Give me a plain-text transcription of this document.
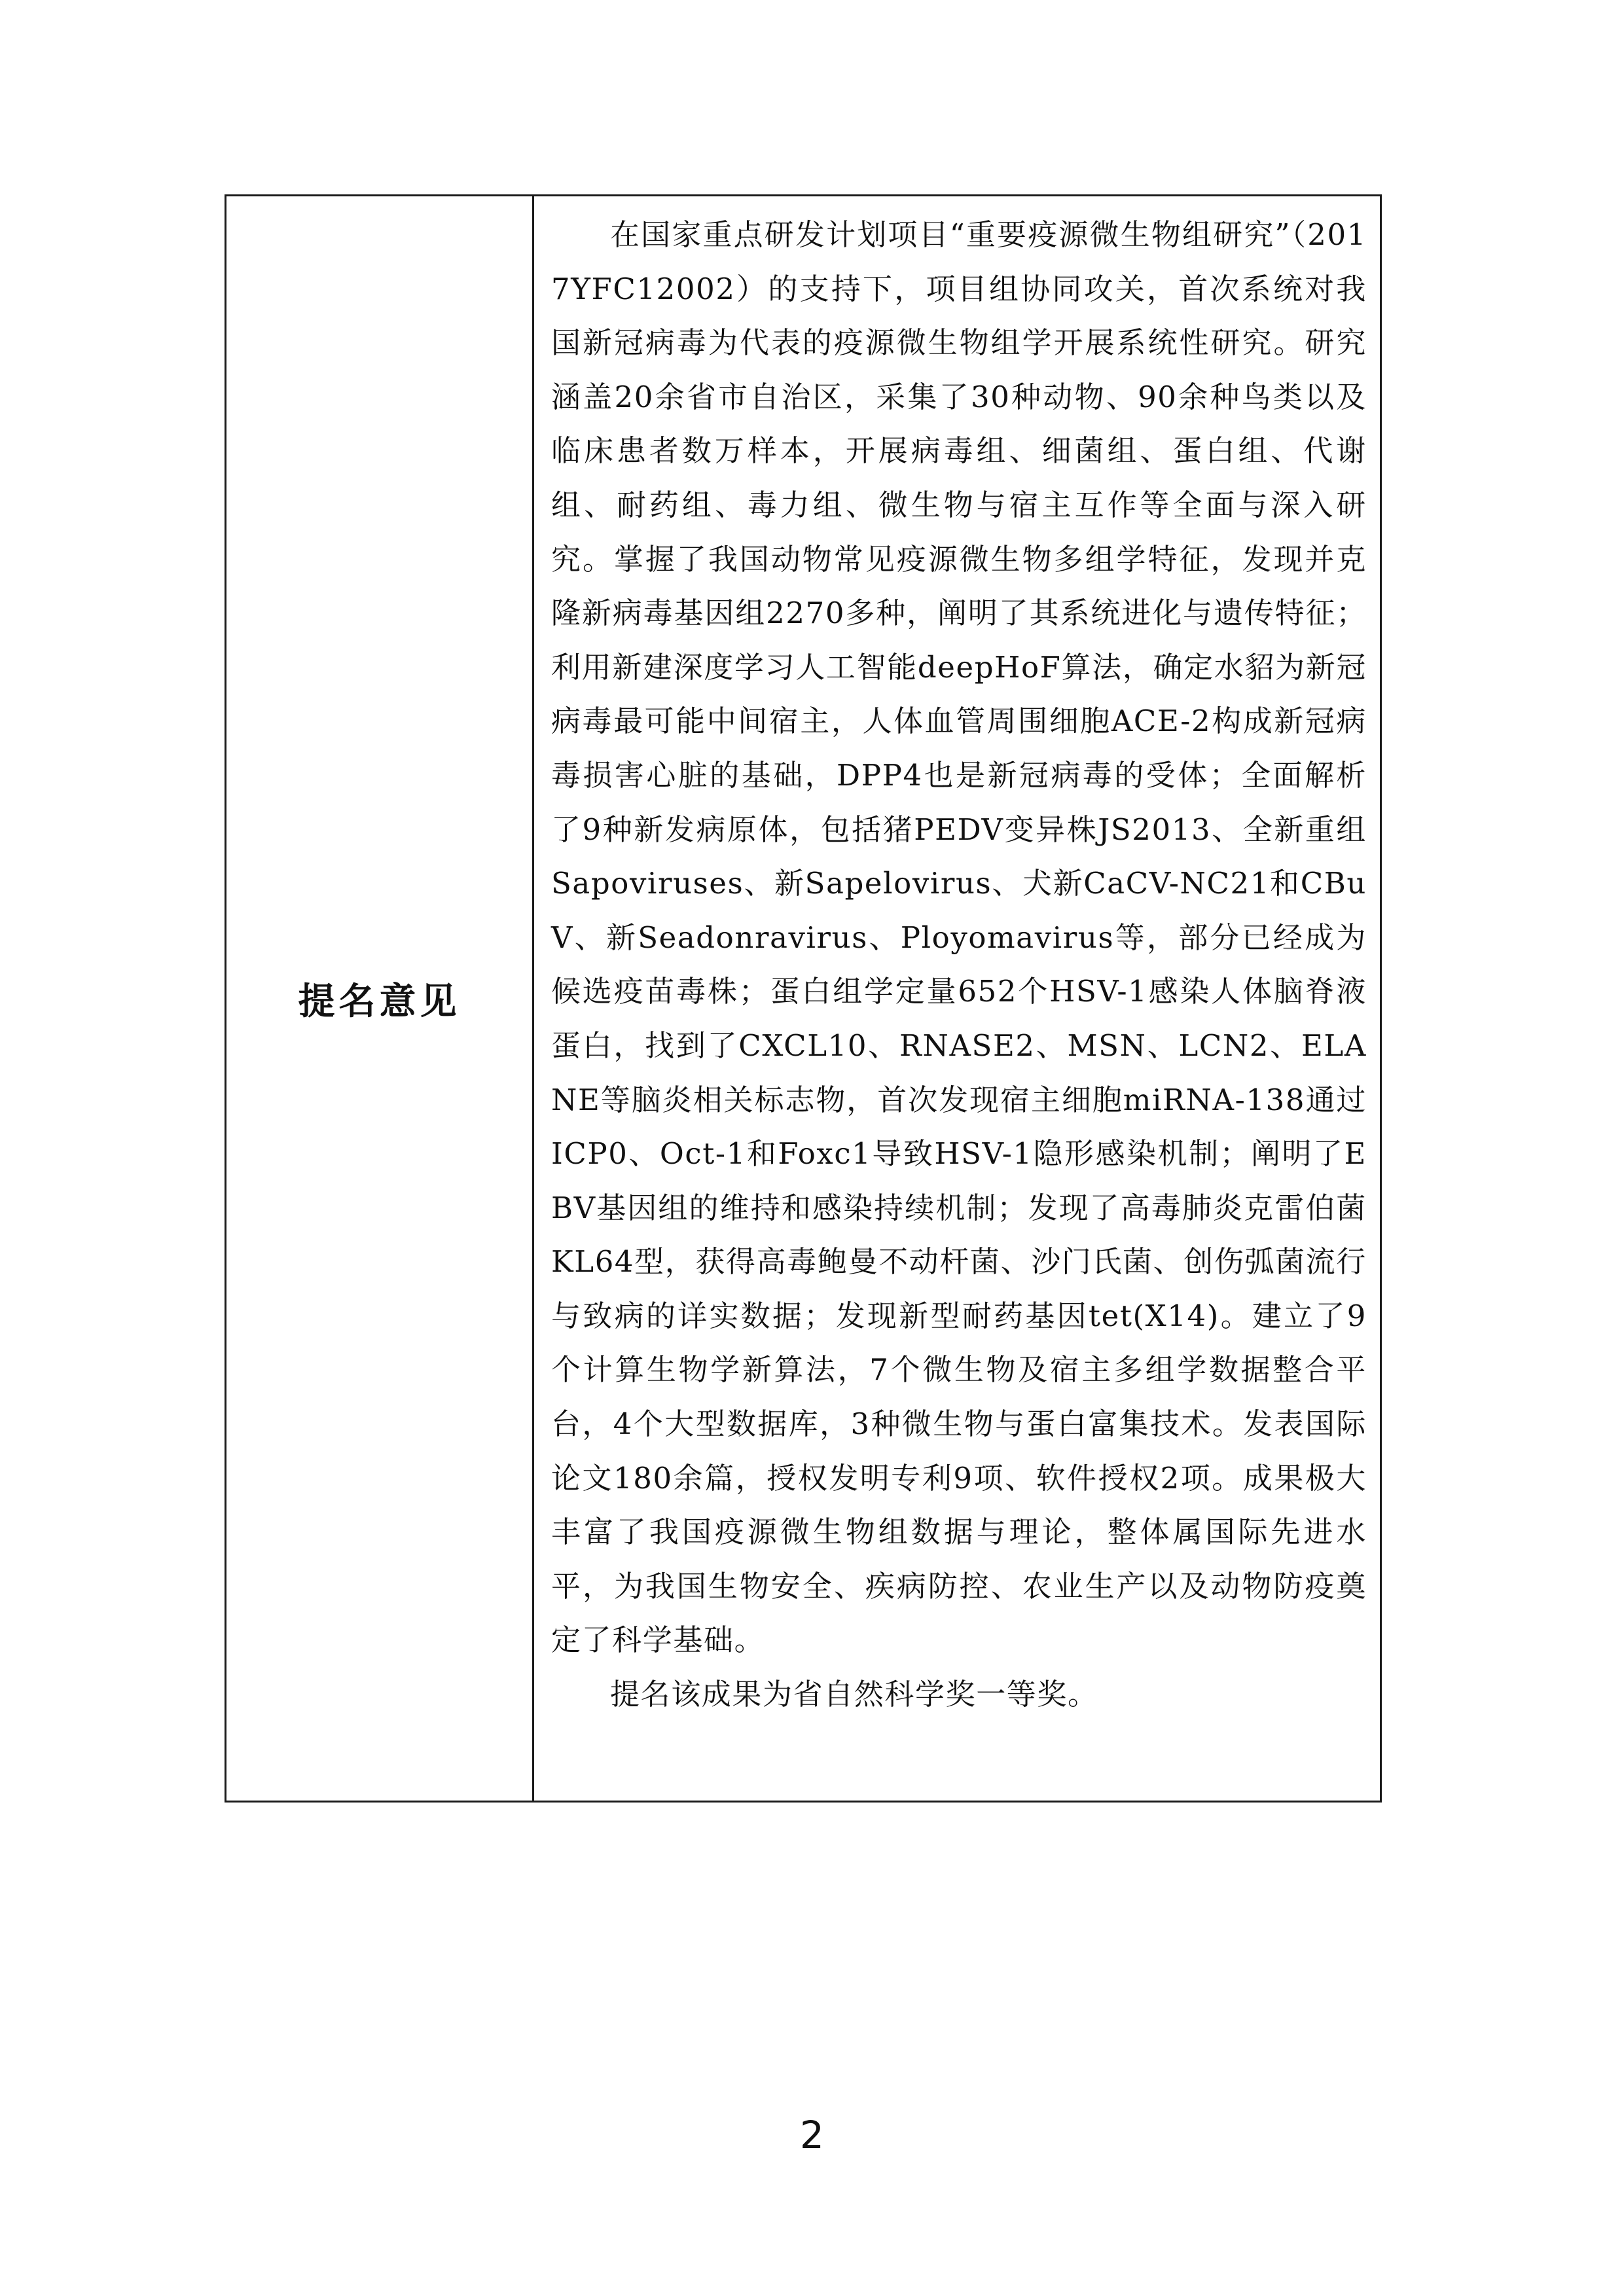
提名意见

在国家重点研发计划项目“重要疫源微生物组研究”（2017YFC12002）的支持下，项目组协同攻关，首次系统对我国新冠病毒为代表的疫源微生物组学开展系统性研究。研究涵盖20余省市自治区，采集了30种动物、90余种鸟类以及临床患者数万样本，开展病毒组、细菌组、蛋白组、代谢组、耐药组、毒力组、微生物与宿主互作等全面与深入研究。掌握了我国动物常见疫源微生物多组学特征，发现并克隆新病毒基因组2270多种，阐明了其系统进化与遗传特征；利用新建深度学习人工智能deepHoF算法，确定水貂为新冠病毒最可能中间宿主，人体血管周围细胞ACE-2构成新冠病毒损害心脏的基础，DPP4也是新冠病毒的受体；全面解析了9种新发病原体，包括猪PEDV变异株JS2013、全新重组Sapoviruses、新Sapelovirus、犬新CaCV-NC21和CBuV、新Seadonravirus、Ployomavirus等，部分已经成为候选疫苗毒株；蛋白组学定量652个HSV-1感染人体脑脊液蛋白，找到了CXCL10、RNASE2、MSN、LCN2、ELANE等脑炎相关标志物，首次发现宿主细胞miRNA-138通过ICP0、Oct-1和Foxc1导致HSV-1隐形感染机制；阐明了EBV基因组的维持和感染持续机制；发现了高毒肺炎克雷伯菌KL64型，获得高毒鲍曼不动杆菌、沙门氏菌、创伤弧菌流行与致病的详实数据；发现新型耐药基因tet(X14)。建立了9个计算生物学新算法，7个微生物及宿主多组学数据整合平台，4个大型数据库，3种微生物与蛋白富集技术。发表国际论文180余篇，授权发明专利9项、软件授权2项。成果极大丰富了我国疫源微生物组数据与理论，整体属国际先进水平，为我国生物安全、疾病防控、农业生产以及动物防疫奠定了科学基础。

提名该成果为省自然科学奖一等奖。

2
